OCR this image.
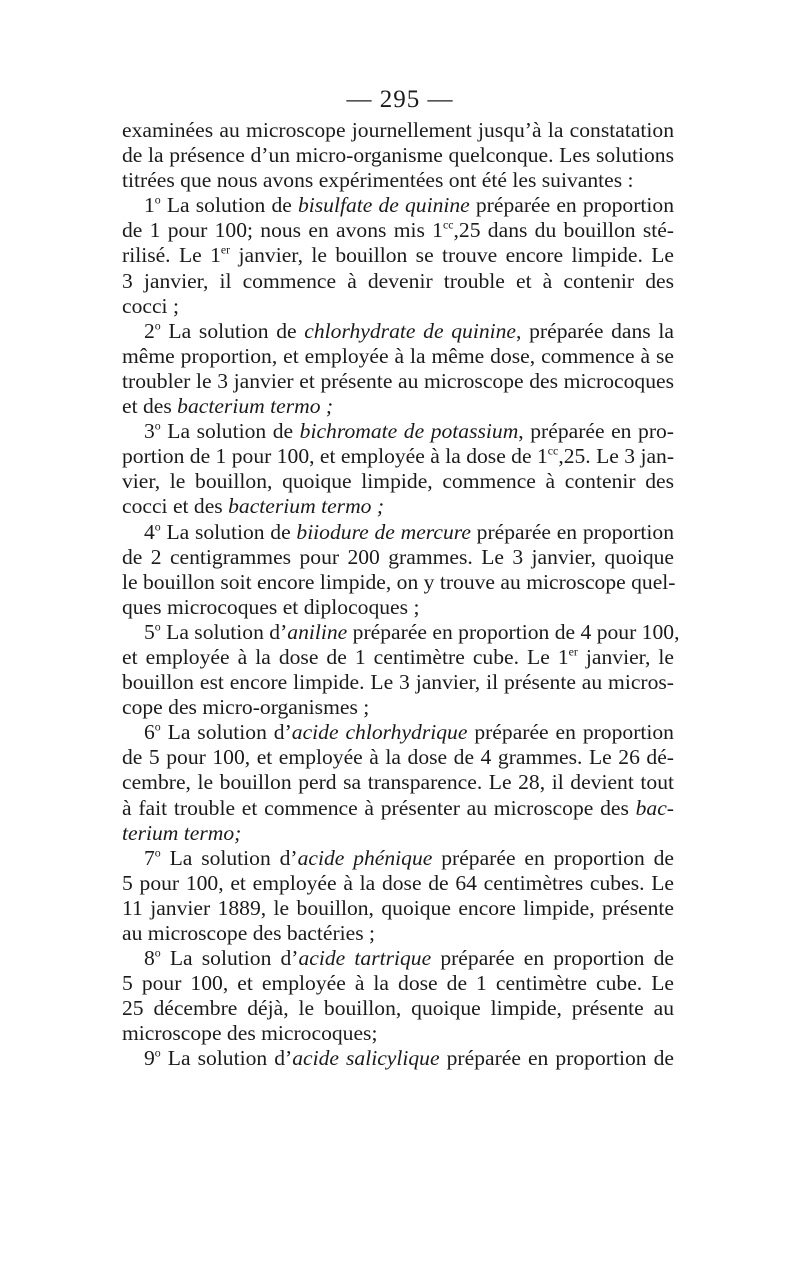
— 295 —
examinées au microscope journellement jusqu’à la constatation
de la présence d’un micro-organisme quelconque. Les solutions
titrées que nous avons expérimentées ont été les suivantes :
1$^o$ La solution de bisulfate de quinine préparée en proportion
de 1 pour 100; nous en avons mis $1^{cc},25$ dans du bouillon sté-
rilisé. Le 1er janvier, le bouillon se trouve encore limpide. Le
3 janvier, il commence à devenir trouble et à contenir des
cocci ;
2$^o$ La solution de chlorhydrate de quinine, préparée dans la
même proportion, et employée à la même dose, commence à se
troubler le 3 janvier et présente au microscope des microcoques
et des bacterium termo ;
3$^o$ La solution de bichromate de potassium, préparée en pro-
portion de 1 pour 100, et employée à la dose de $1^{cc},25$. Le 3 jan-
vier, le bouillon, quoique limpide, commence à contenir des
cocci et des bacterium termo ;
4$^o$ La solution de biiodure de mercure préparée en proportion
de 2 centigrammes pour 200 grammes. Le 3 janvier, quoique
le bouillon soit encore limpide, on y trouve au microscope quel-
ques microcoques et diplocoques ;
5$^o$ La solution d’aniline préparée en proportion de 4 pour 100,
et employée à la dose de 1 centimètre cube. Le 1er janvier, le
bouillon est encore limpide. Le 3 janvier, il présente au micros-
cope des micro-organismes ;
6$^o$ La solution d’acide chlorhydrique préparée en proportion
de 5 pour 100, et employée à la dose de 4 grammes. Le 26 dé-
cembre, le bouillon perd sa transparence. Le 28, il devient tout
à fait trouble et commence à présenter au microscope des bac-
terium termo;
7$^o$ La solution d’acide phénique préparée en proportion de
5 pour 100, et employée à la dose de 64 centimètres cubes. Le
11 janvier 1889, le bouillon, quoique encore limpide, présente
au microscope des bactéries ;
8$^o$ La solution d’acide tartrique préparée en proportion de
5 pour 100, et employée à la dose de 1 centimètre cube. Le
25 décembre déjà, le bouillon, quoique limpide, présente au
microscope des microcoques;
9$^o$ La solution d’acide salicylique préparée en proportion de
